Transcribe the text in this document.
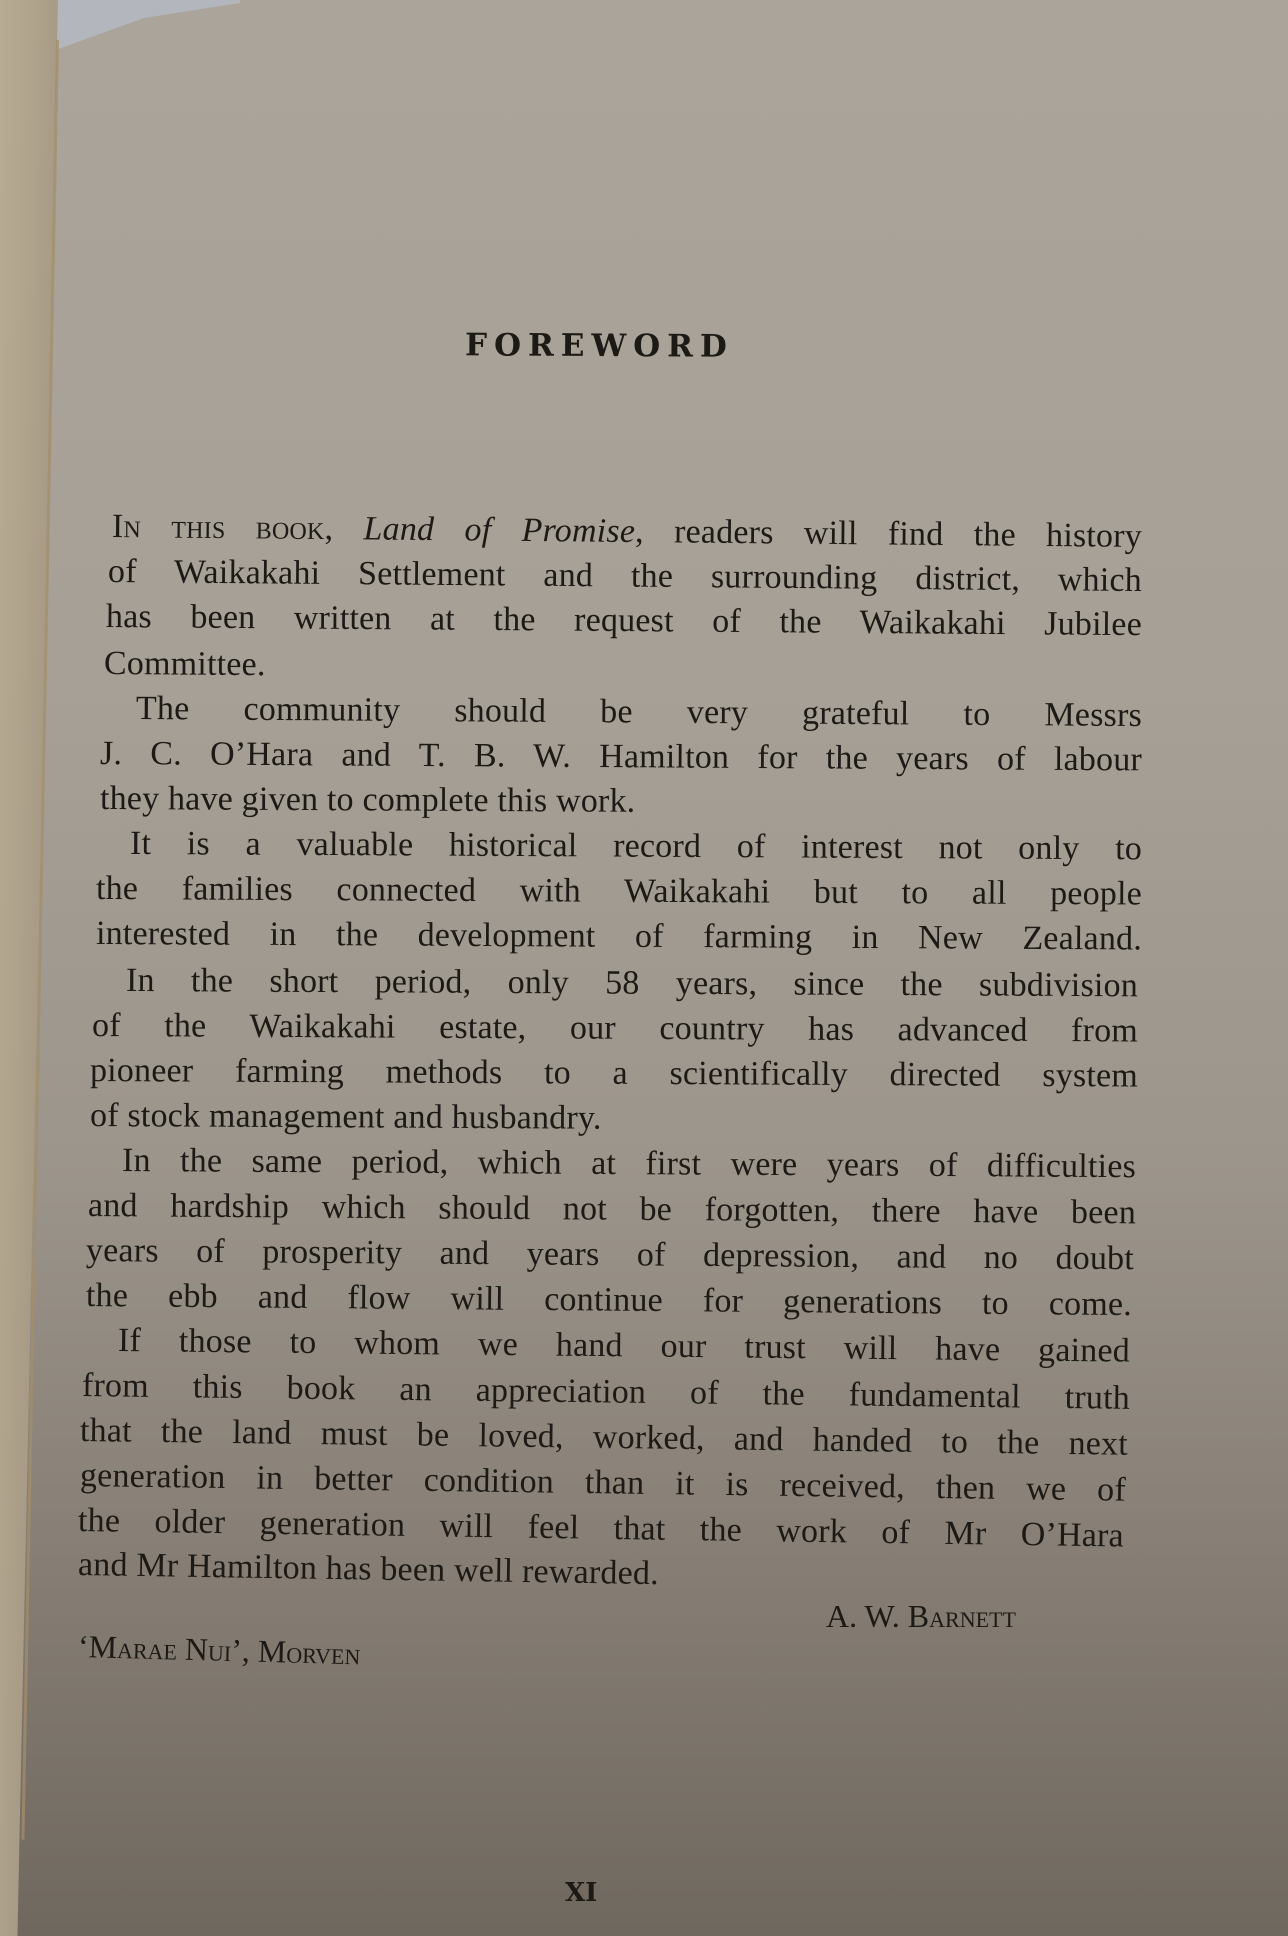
FOREWORD
In this book, Land of Promise, readers will find the history
of Waikakahi Settlement and the surrounding district, which
has been written at the request of the Waikakahi Jubilee
Committee.
The community should be very grateful to Messrs
J. C. O’Hara and T. B. W. Hamilton for the years of labour
they have given to complete this work.
It is a valuable historical record of interest not only to
the families connected with Waikakahi but to all people
interested in the development of farming in New Zealand.
In the short period, only 58 years, since the subdivision
of the Waikakahi estate, our country has advanced from
pioneer farming methods to a scientifically directed system
of stock management and husbandry.
In the same period, which at first were years of difficulties
and hardship which should not be forgotten, there have been
years of prosperity and years of depression, and no doubt
the ebb and flow will continue for generations to come.
If those to whom we hand our trust will have gained
from this book an appreciation of the fundamental truth
that the land must be loved, worked, and handed to the next
generation in better condition than it is received, then we of
the older generation will feel that the work of Mr O’Hara
and Mr Hamilton has been well rewarded.
A. W. Barnett
‘Marae Nui’, Morven
XI
